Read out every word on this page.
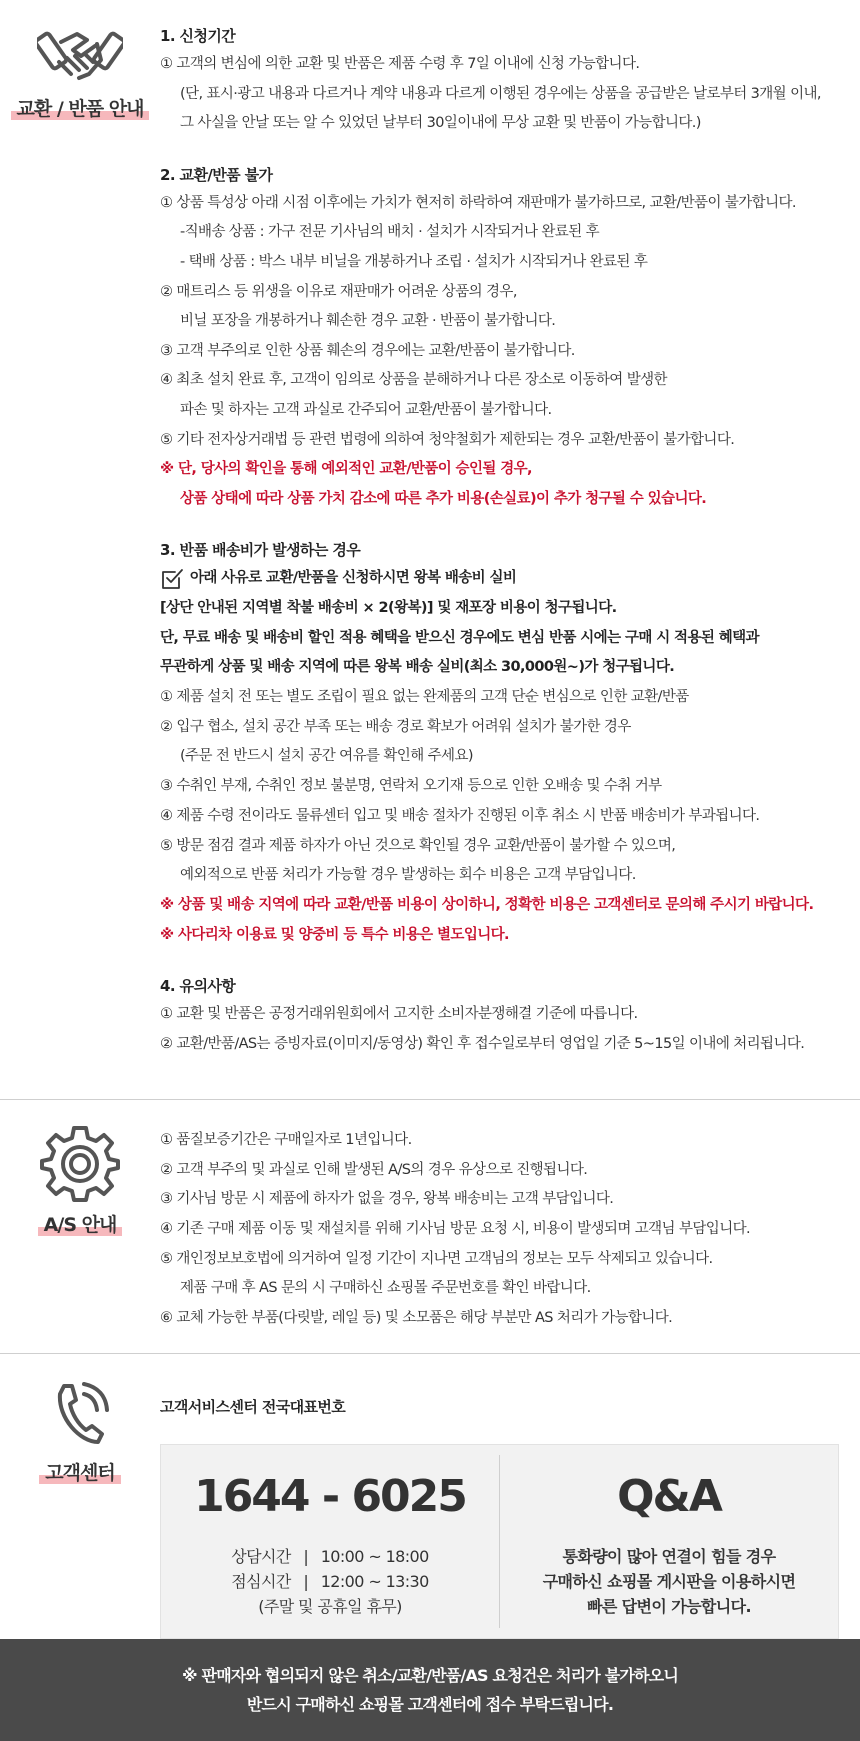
교환 / 반품 안내
1. 신청기간
① 고객의 변심에 의한 교환 및 반품은 제품 수령 후 7일 이내에 신청 가능합니다.
(단, 표시·광고 내용과 다르거나 계약 내용과 다르게 이행된 경우에는 상품을 공급받은 날로부터 3개월 이내,
그 사실을 안날 또는 알 수 있었던 날부터 30일이내에 무상 교환 및 반품이 가능합니다.)
2. 교환/반품 불가
① 상품 특성상 아래 시점 이후에는 가치가 현저히 하락하여 재판매가 불가하므로, 교환/반품이 불가합니다.
-직배송 상품 : 가구 전문 기사님의 배치 · 설치가 시작되거나 완료된 후
- 택배 상품 : 박스 내부 비닐을 개봉하거나 조립 · 설치가 시작되거나 완료된 후
② 매트리스 등 위생을 이유로 재판매가 어려운 상품의 경우,
비닐 포장을 개봉하거나 훼손한 경우 교환 · 반품이 불가합니다.
③ 고객 부주의로 인한 상품 훼손의 경우에는 교환/반품이 불가합니다.
④ 최초 설치 완료 후, 고객이 임의로 상품을 분해하거나 다른 장소로 이동하여 발생한
파손 및 하자는 고객 과실로 간주되어 교환/반품이 불가합니다.
⑤ 기타 전자상거래법 등 관련 법령에 의하여 청약철회가 제한되는 경우 교환/반품이 불가합니다.
※ 단, 당사의 확인을 통해 예외적인 교환/반품이 승인될 경우,
상품 상태에 따라 상품 가치 감소에 따른 추가 비용(손실료)이 추가 청구될 수 있습니다.
3. 반품 배송비가 발생하는 경우
아래 사유로 교환/반품을 신청하시면 왕복 배송비 실비
[상단 안내된 지역별 착불 배송비 × 2(왕복)] 및 재포장 비용이 청구됩니다.
단, 무료 배송 및 배송비 할인 적용 혜택을 받으신 경우에도 변심 반품 시에는 구매 시 적용된 혜택과
무관하게 상품 및 배송 지역에 따른 왕복 배송 실비(최소 30,000원~)가 청구됩니다.
① 제품 설치 전 또는 별도 조립이 필요 없는 완제품의 고객 단순 변심으로 인한 교환/반품
② 입구 협소, 설치 공간 부족 또는 배송 경로 확보가 어려워 설치가 불가한 경우
(주문 전 반드시 설치 공간 여유를 확인해 주세요)
③ 수취인 부재, 수취인 정보 불분명, 연락처 오기재 등으로 인한 오배송 및 수취 거부
④ 제품 수령 전이라도 물류센터 입고 및 배송 절차가 진행된 이후 취소 시 반품 배송비가 부과됩니다.
⑤ 방문 점검 결과 제품 하자가 아닌 것으로 확인될 경우 교환/반품이 불가할 수 있으며,
예외적으로 반품 처리가 가능할 경우 발생하는 회수 비용은 고객 부담입니다.
※ 상품 및 배송 지역에 따라 교환/반품 비용이 상이하니, 정확한 비용은 고객센터로 문의해 주시기 바랍니다.
※ 사다리차 이용료 및 양중비 등 특수 비용은 별도입니다.
4. 유의사항
① 교환 및 반품은 공정거래위원회에서 고지한 소비자분쟁해결 기준에 따릅니다.
② 교환/반품/AS는 증빙자료(이미지/동영상) 확인 후 접수일로부터 영업일 기준 5~15일 이내에 처리됩니다.
A/S 안내
① 품질보증기간은 구매일자로 1년입니다.
② 고객 부주의 및 과실로 인해 발생된 A/S의 경우 유상으로 진행됩니다.
③ 기사님 방문 시 제품에 하자가 없을 경우, 왕복 배송비는 고객 부담입니다.
④ 기존 구매 제품 이동 및 재설치를 위해 기사님 방문 요청 시, 비용이 발생되며 고객님 부담입니다.
⑤ 개인정보보호법에 의거하여 일정 기간이 지나면 고객님의 정보는 모두 삭제되고 있습니다.
제품 구매 후 AS 문의 시 구매하신 쇼핑몰 주문번호를 확인 바랍니다.
⑥ 교체 가능한 부품(다릿발, 레일 등) 및 소모품은 해당 부분만 AS 처리가 가능합니다.
고객센터
고객서비스센터 전국대표번호
1644 - 6025
상담시간 | 10:00 ~ 18:00
점심시간 | 12:00 ~ 13:30
(주말 및 공휴일 휴무)
Q&A
통화량이 많아 연결이 힘들 경우
구매하신 쇼핑몰 게시판을 이용하시면
빠른 답변이 가능합니다.
※ 판매자와 협의되지 않은 취소/교환/반품/AS 요청건은 처리가 불가하오니
반드시 구매하신 쇼핑몰 고객센터에 접수 부탁드립니다.
